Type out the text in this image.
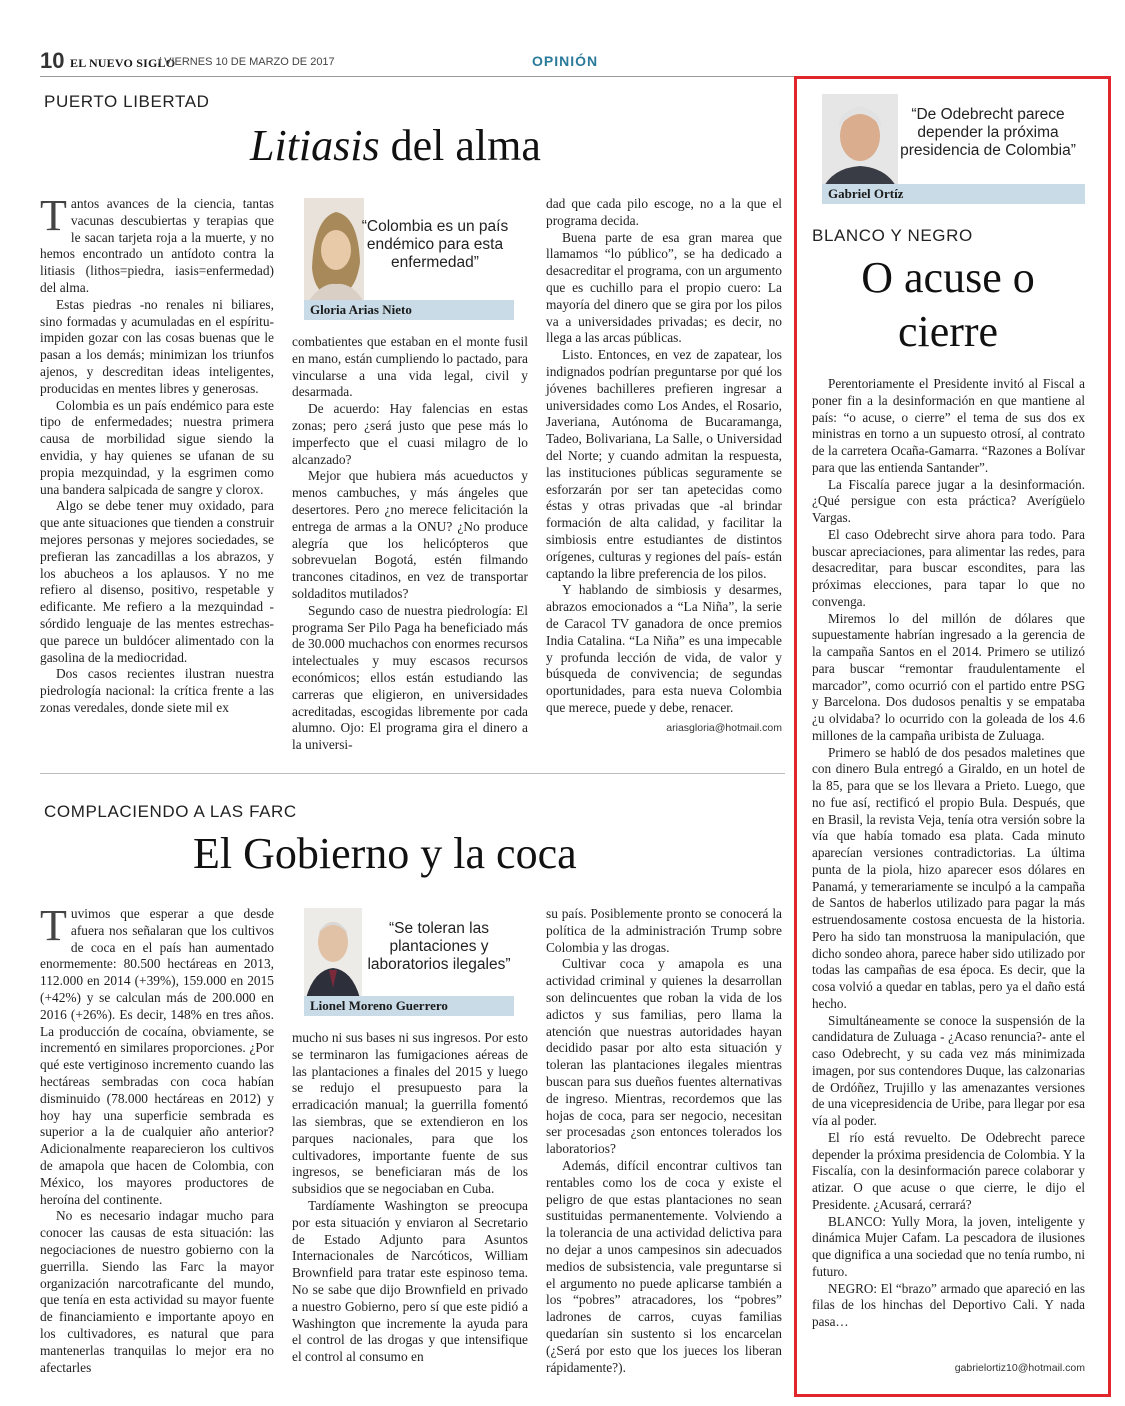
10 EL NUEVO SIGLO
/ VIERNES 10 DE MARZO DE 2017	OPINIÓN
PUERTO LIBERTAD
Litiasis del alma
T antos avances de la ciencia, tantas vacunas descubiertas y terapias que le sacan tarjeta roja a la muerte, y no hemos encontrado un antídoto contra la litiasis (lithos=piedra, iasis=enfermedad) del alma.

Estas piedras -no renales ni biliares, sino formadas y acumuladas en el espíritu- impiden gozar con las cosas buenas que le pasan a los demás; minimizan los triunfos ajenos, y descreditan ideas inteligentes, producidas en mentes libres y generosas.

Colombia es un país endémico para este tipo de enfermedades; nuestra primera causa de morbilidad sigue siendo la envidia, y hay quienes se ufanan de su propia mezquindad, y la esgrimen como una bandera salpicada de sangre y clorox.

Algo se debe tener muy oxidado, para que ante situaciones que tienden a construir mejores personas y mejores sociedades, se prefieran las zancadillas a los abrazos, y los abucheos a los aplausos. Y no me refiero al disenso, positivo, respetable y edificante. Me refiero a la mezquindad -sórdido lenguaje de las mentes estrechas- que parece un buldócer alimentado con la gasolina de la mediocridad.

Dos casos recientes ilustran nuestra piedrología nacional: la crítica frente a las zonas veredales, donde siete mil ex

“Colombia es un país endémico para esta enfermedad”
Gloria Arias Nieto

combatientes que estaban en el monte fusil en mano, están cumpliendo lo pactado, para vincularse a una vida legal, civil y desarmada.

De acuerdo: Hay falencias en estas zonas; pero ¿será justo que pese más lo imperfecto que el cuasi milagro de lo alcanzado?

Mejor que hubiera más acueductos y menos cambuches, y más ángeles que desertores. Pero ¿no merece felicitación la entrega de armas a la ONU? ¿No produce alegría que los helicópteros que sobrevuelan Bogotá, estén filmando trancones citadinos, en vez de transportar soldaditos mutilados?

Segundo caso de nuestra piedrología: El programa Ser Pilo Paga ha beneficiado más de 30.000 muchachos con enormes recursos intelectuales y muy escasos recursos económicos; ellos están estudiando las carreras que eligieron, en universidades acreditadas, escogidas libremente por cada alumno. Ojo: El programa gira el dinero a la universi-

dad que cada pilo escoge, no a la que el programa decida.

Buena parte de esa gran marea que llamamos “lo público”, se ha dedicado a desacreditar el programa, con un argumento que es cuchillo para el propio cuero: La mayoría del dinero que se gira por los pilos va a universidades privadas; es decir, no llega a las arcas públicas.

Listo. Entonces, en vez de zapatear, los indignados podrían preguntarse por qué los jóvenes bachilleres prefieren ingresar a universidades como Los Andes, el Rosario, Javeriana, Autónoma de Bucaramanga, Tadeo, Bolivariana, La Salle, o Universidad del Norte; y cuando admitan la respuesta, las instituciones públicas seguramente se esforzarán por ser tan apetecidas como éstas y otras privadas que -al brindar formación de alta calidad, y facilitar la simbiosis entre estudiantes de distintos orígenes, culturas y regiones del país- están captando la libre preferencia de los pilos.

Y hablando de simbiosis y desarmes, abrazos emocionados a “La Niña”, la serie de Caracol TV ganadora de once premios India Catalina. “La Niña” es una impecable y profunda lección de vida, de valor y búsqueda de convivencia; de segundas oportunidades, para esta nueva Colombia que merece, puede y debe, renacer.

ariasgloria@hotmail.com
COMPLACIENDO A LAS FARC
El Gobierno y la coca
T uvimos que esperar a que desde afuera nos señalaran que los cultivos de coca en el país han aumentado enormemente: 80.500 hectáreas en 2013, 112.000 en 2014 (+39%), 159.000 en 2015 (+42%) y se calculan más de 200.000 en 2016 (+26%). Es decir, 148% en tres años. La producción de cocaína, obviamente, se incrementó en similares proporciones. ¿Por qué este vertiginoso incremento cuando las hectáreas sembradas con coca habían disminuido (78.000 hectáreas en 2012) y hoy hay una superficie sembrada es superior a la de cualquier año anterior? Adicionalmente reaparecieron los cultivos de amapola que hacen de Colombia, con México, los mayores productores de heroína del continente.

No es necesario indagar mucho para conocer las causas de esta situación: las negociaciones de nuestro gobierno con la guerrilla. Siendo las Farc la mayor organización narcotraficante del mundo, que tenía en esta actividad su mayor fuente de financiamiento e importante apoyo en los cultivadores, es natural que para mantenerlas tranquilas lo mejor era no afectarles

“Se toleran las plantaciones y laboratorios ilegales”
Lionel Moreno Guerrero

mucho ni sus bases ni sus ingresos. Por esto se terminaron las fumigaciones aéreas de las plantaciones a finales del 2015 y luego se redujo el presupuesto para la erradicación manual; la guerrilla fomentó las siembras, que se extendieron en los parques nacionales, para que los cultivadores, importante fuente de sus ingresos, se beneficiaran más de los subsidios que se negociaban en Cuba.

Tardíamente Washington se preocupa por esta situación y enviaron al Secretario de Estado Adjunto para Asuntos Internacionales de Narcóticos, William Brownfield para tratar este espinoso tema. No se sabe que dijo Brownfield en privado a nuestro Gobierno, pero sí que este pidió a Washington que incremente la ayuda para el control de las drogas y que intensifique el control al consumo en

su país. Posiblemente pronto se conocerá la política de la administración Trump sobre Colombia y las drogas.

Cultivar coca y amapola es una actividad criminal y quienes la desarrollan son delincuentes que roban la vida de los adictos y sus familias, pero llama la atención que nuestras autoridades hayan decidido pasar por alto esta situación y toleran las plantaciones ilegales mientras buscan para sus dueños fuentes alternativas de ingreso. Mientras, recordemos que las hojas de coca, para ser negocio, necesitan ser procesadas ¿son entonces tolerados los laboratorios?

Además, difícil encontrar cultivos tan rentables como los de coca y existe el peligro de que estas plantaciones no sean sustituidas permanentemente. Volviendo a la tolerancia de una actividad delictiva para no dejar a unos campesinos sin adecuados medios de subsistencia, vale preguntarse si el argumento no puede aplicarse también a los “pobres” atracadores, los “pobres” ladrones de carros, cuyas familias quedarían sin sustento si los encarcelan (¿Será por esto que los jueces los liberan rápidamente?).

“De Odebrecht parece depender la próxima presidencia de Colombia”
Gabriel Ortíz
BLANCO Y NEGRO
O acuse o
cierre

Perentoriamente el Presidente invitó al Fiscal a poner fin a la desinformación en que mantiene al país: “o acuse, o cierre” el tema de sus dos ex ministras en torno a un supuesto otrosí, al contrato de la carretera Ocaña-Gamarra. “Razones a Bolívar para que las entienda Santander”.

La Fiscalía parece jugar a la desinformación. ¿Qué persigue con esta práctica? Averígüelo Vargas.

El caso Odebrecht sirve ahora para todo. Para buscar apreciaciones, para alimentar las redes, para desacreditar, para buscar escondites, para las próximas elecciones, para tapar lo que no convenga.

Miremos lo del millón de dólares que supuestamente habrían ingresado a la gerencia de la campaña Santos en el 2014. Primero se utilizó para buscar “remontar fraudulentamente el marcador”, como ocurrió con el partido entre PSG y Barcelona. Dos dudosos penaltis y se empataba ¿u olvidaba? lo ocurrido con la goleada de los 4.6 millones de la campaña uribista de Zuluaga.

Primero se habló de dos pesados maletines que con dinero Bula entregó a Giraldo, en un hotel de la 85, para que se los llevara a Prieto. Luego, que no fue así, rectificó el propio Bula. Después, que en Brasil, la revista Veja, tenía otra versión sobre la vía que había tomado esa plata. Cada minuto aparecían versiones contradictorias. La última punta de la piola, hizo aparecer esos dólares en Panamá, y temerariamente se inculpó a la campaña de Santos de haberlos utilizado para pagar la más estruendosamente costosa encuesta de la historia. Pero ha sido tan monstruosa la manipulación, que dicho sondeo ahora, parece haber sido utilizado por todas las campañas de esa época. Es decir, que la cosa volvió a quedar en tablas, pero ya el daño está hecho.

Simultáneamente se conoce la suspensión de la candidatura de Zuluaga - ¿Acaso renuncia?- ante el caso Odebrecht, y su cada vez más minimizada imagen, por sus contendores Duque, las calzonarias de Ordóñez, Trujillo y las amenazantes versiones de una vicepresidencia de Uribe, para llegar por esa vía al poder.

El río está revuelto. De Odebrecht parece depender la próxima presidencia de Colombia. Y la Fiscalía, con la desinformación parece colaborar y atizar. O que acuse o que cierre, le dijo el Presidente. ¿Acusará, cerrará?

BLANCO: Yully Mora, la joven, inteligente y dinámica Mujer Cafam. La pescadora de ilusiones que dignifica a una sociedad que no tenía rumbo, ni futuro.

NEGRO: El “brazo” armado que apareció en las filas de los hinchas del Deportivo Cali. Y nada pasa…

gabrielortiz10@hotmail.com
